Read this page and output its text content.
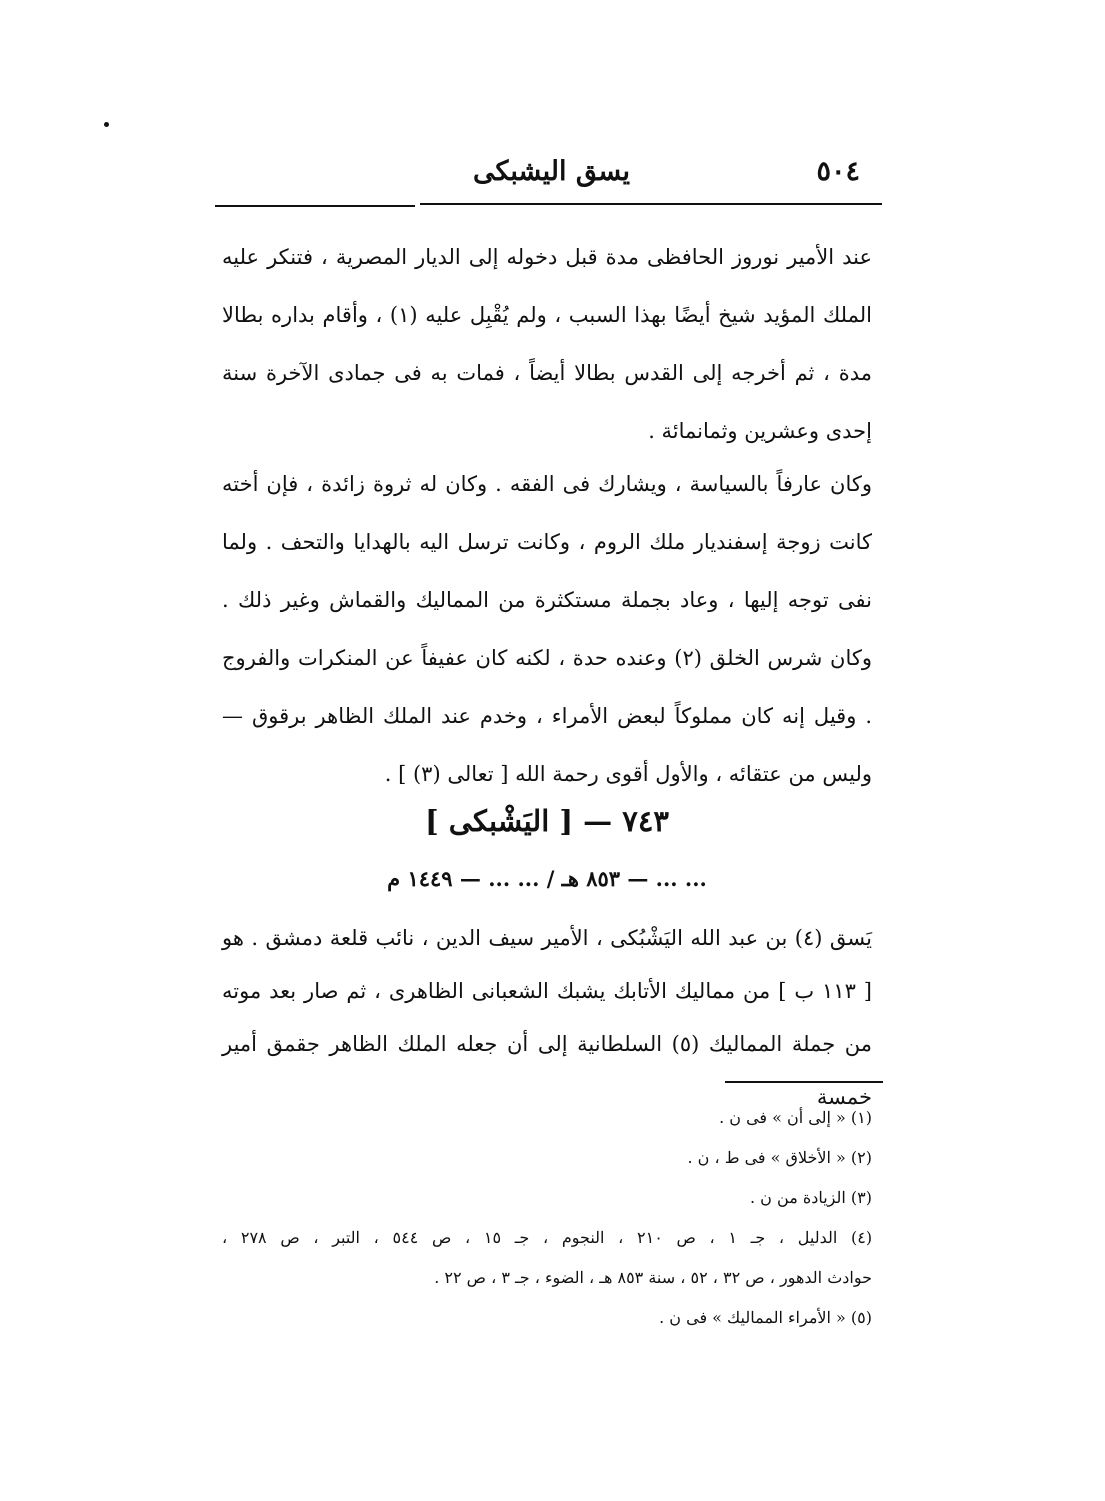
٥٠٤
يسق اليشبكى

عند الأمير نوروز الحافظى مدة قبل دخوله إلى الديار المصرية ، فتنكر عليه الملك المؤيد شيخ أيضًا بهذا السبب ، ولم يُقْبِل عليه (١) ، وأقام بداره بطالا مدة ، ثم أخرجه إلى القدس بطالا أيضاً ، فمات به فى جمادى الآخرة سنة إحدى وعشرين وثمانمائة .

وكان عارفاً بالسياسة ، ويشارك فى الفقه . وكان له ثروة زائدة ، فإن أخته كانت زوجة إسفنديار ملك الروم ، وكانت ترسل اليه بالهدايا والتحف . ولما نفى توجه إليها ، وعاد بجملة مستكثرة من المماليك والقماش وغير ذلك . وكان شرس الخلق (٢) وعنده حدة ، لكنه كان عفيفاً عن المنكرات والفروج . وقيل إنه كان مملوكاً لبعض الأمراء ، وخدم عند الملك الظاهر برقوق — وليس من عتقائه ، والأول أقوى رحمة الله [ تعالى (٣) ] .

٧٤٣ — [ اليَشْبكى ]
... ... — ٨٥٣ هـ / ... ... — ١٤٤٩ م

يَسق (٤) بن عبد الله اليَشْبُكى ، الأمير سيف الدين ، نائب قلعة دمشق . هو [ ١١٣ ب ] من مماليك الأتابك يشبك الشعبانى الظاهرى ، ثم صار بعد موته من جملة المماليك (٥) السلطانية إلى أن جعله الملك الظاهر جقمق أمير خمسة

(١) « إلى أن » فى ن .
(٢) « الأخلاق » فى ط ، ن .
(٣) الزيادة من ن .
(٤) الدليل ، جـ ١ ، ص ٢١٠ ، النجوم ، جـ ١٥ ، ص ٥٤٤ ، التبر ، ص ٢٧٨ ،
حوادث الدهور ، ص ٣٢ ، ٥٢ ، سنة ٨٥٣ هـ ، الضوء ، جـ ٣ ، ص ٢٢ .
(٥) « الأمراء المماليك » فى ن .
